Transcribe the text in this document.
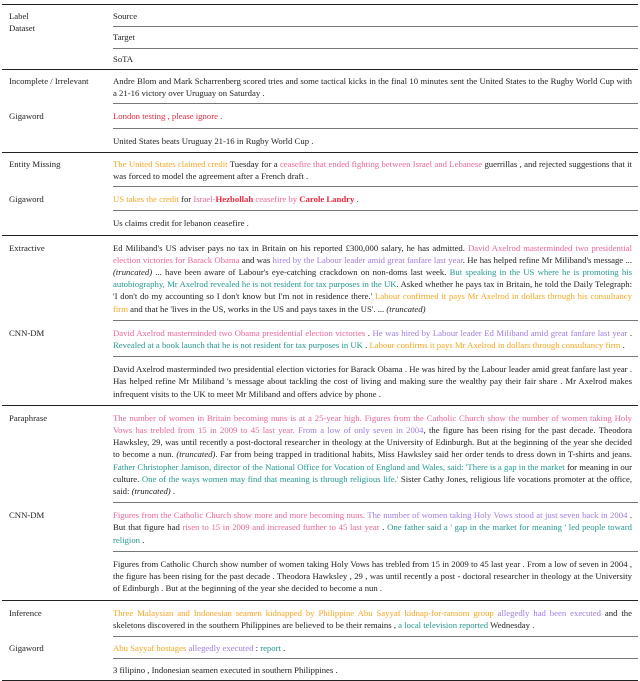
Label	Source
Dataset
Target
SoTA
Incomplete / Irrelevant	Andre Blom and Mark Scharrenberg scored tries and some tactical kicks in the final 10 minutes sent the United States to the Rugby World Cup with a 21-16 victory over Uruguay on Saturday .
Gigaword	London testing , please ignore .
United States beats Uruguay 21-16 in Rugby World Cup .
Entity Missing	The United States claimed credit Tuesday for a ceasefire that ended fighting between Israel and Lebanese guerrillas , and rejected suggestions that it was forced to model the agreement after a French draft .
Gigaword	US takes the credit for Israel-Hezbollah ceasefire by Carole Landry .
Us claims credit for lebanon ceasefire .
Extractive	Ed Miliband's US adviser pays no tax in Britain on his reported £300,000 salary, he has admitted. David Axelrod masterminded two presidential election victories for Barack Obama and was hired by the Labour leader amid great fanfare last year. He has helped refine Mr Miliband's message ...(truncated) ... have been aware of Labour's eye-catching crackdown on non-doms last week. But speaking in the US where he is promoting his autobiography, Mr Axelrod revealed he is not resident for tax purposes in the UK. Asked whether he pays tax in Britain, he told the Daily Telegraph: 'I don't do my accounting so I don't know but I'm not in residence there.' Labour confirmed it pays Mr Axelrod in dollars through his consultancy firm and that he 'lives in the US, works in the US and pays taxes in the US'. ... (truncated)
CNN-DM	David Axelrod masterminded two Obama presidential election victories . He was hired by Labour leader Ed Miliband amid great fanfare last year . Revealed at a book launch that he is not resident for tax purposes in UK . Labour confirms it pays Mr Axelrod in dollars through consultancy firm .
David Axelrod masterminded two presidential election victories for Barack Obama . He was hired by the Labour leader amid great fanfare last year . Has helped refine Mr Miliband 's message about tackling the cost of living and making sure the wealthy pay their fair share . Mr Axelrod makes infrequent visits to the UK to meet Mr Miliband and offers advice by phone .
Paraphrase	The number of women in Britain becoming nuns is at a 25-year high. Figures from the Catholic Church show the number of women taking Holy Vows has trebled from 15 in 2009 to 45 last year. From a low of only seven in 2004, the figure has been rising for the past decade. Theodora Hawksley, 29, was until recently a post-doctoral researcher in theology at the University of Edinburgh. But at the beginning of the year she decided to become a nun. (truncated). Far from being trapped in traditional habits, Miss Hawksley said her order tends to dress down in T-shirts and jeans. Father Christopher Jamison, director of the National Office for Vocation of England and Wales, said: 'There is a gap in the market for meaning in our culture. One of the ways women may find that meaning is through religious life.' Sister Cathy Jones, religious life vocations promoter at the office, said: (truncated) .
CNN-DM	Figures from the Catholic Church show more and more becoming nuns. The number of women taking Holy Vows stood at just seven back in 2004 . But that figure had risen to 15 in 2009 and increased further to 45 last year . One father said a ' gap in the market for meaning ' led people toward religion .
Figures from Catholic Church show number of women taking Holy Vows has trebled from 15 in 2009 to 45 last year . From a low of seven in 2004 , the figure has been rising for the past decade . Theodora Hawksley , 29 , was until recently a post - doctoral researcher in theology at the University of Edinburgh . But at the beginning of the year she decided to become a nun .
Inference	Three Malaysian and Indonesian seamen kidnapped by Philippine Abu Sayyaf kidnap-for-ransom group allegedly had been executed and the skeletons discovered in the southern Philippines are believed to be their remains , a local television reported Wednesday .
Gigaword	Abu Sayyaf hostages allegedly executed : report .
3 filipino , Indonesian seamen executed in southern Philippines .
